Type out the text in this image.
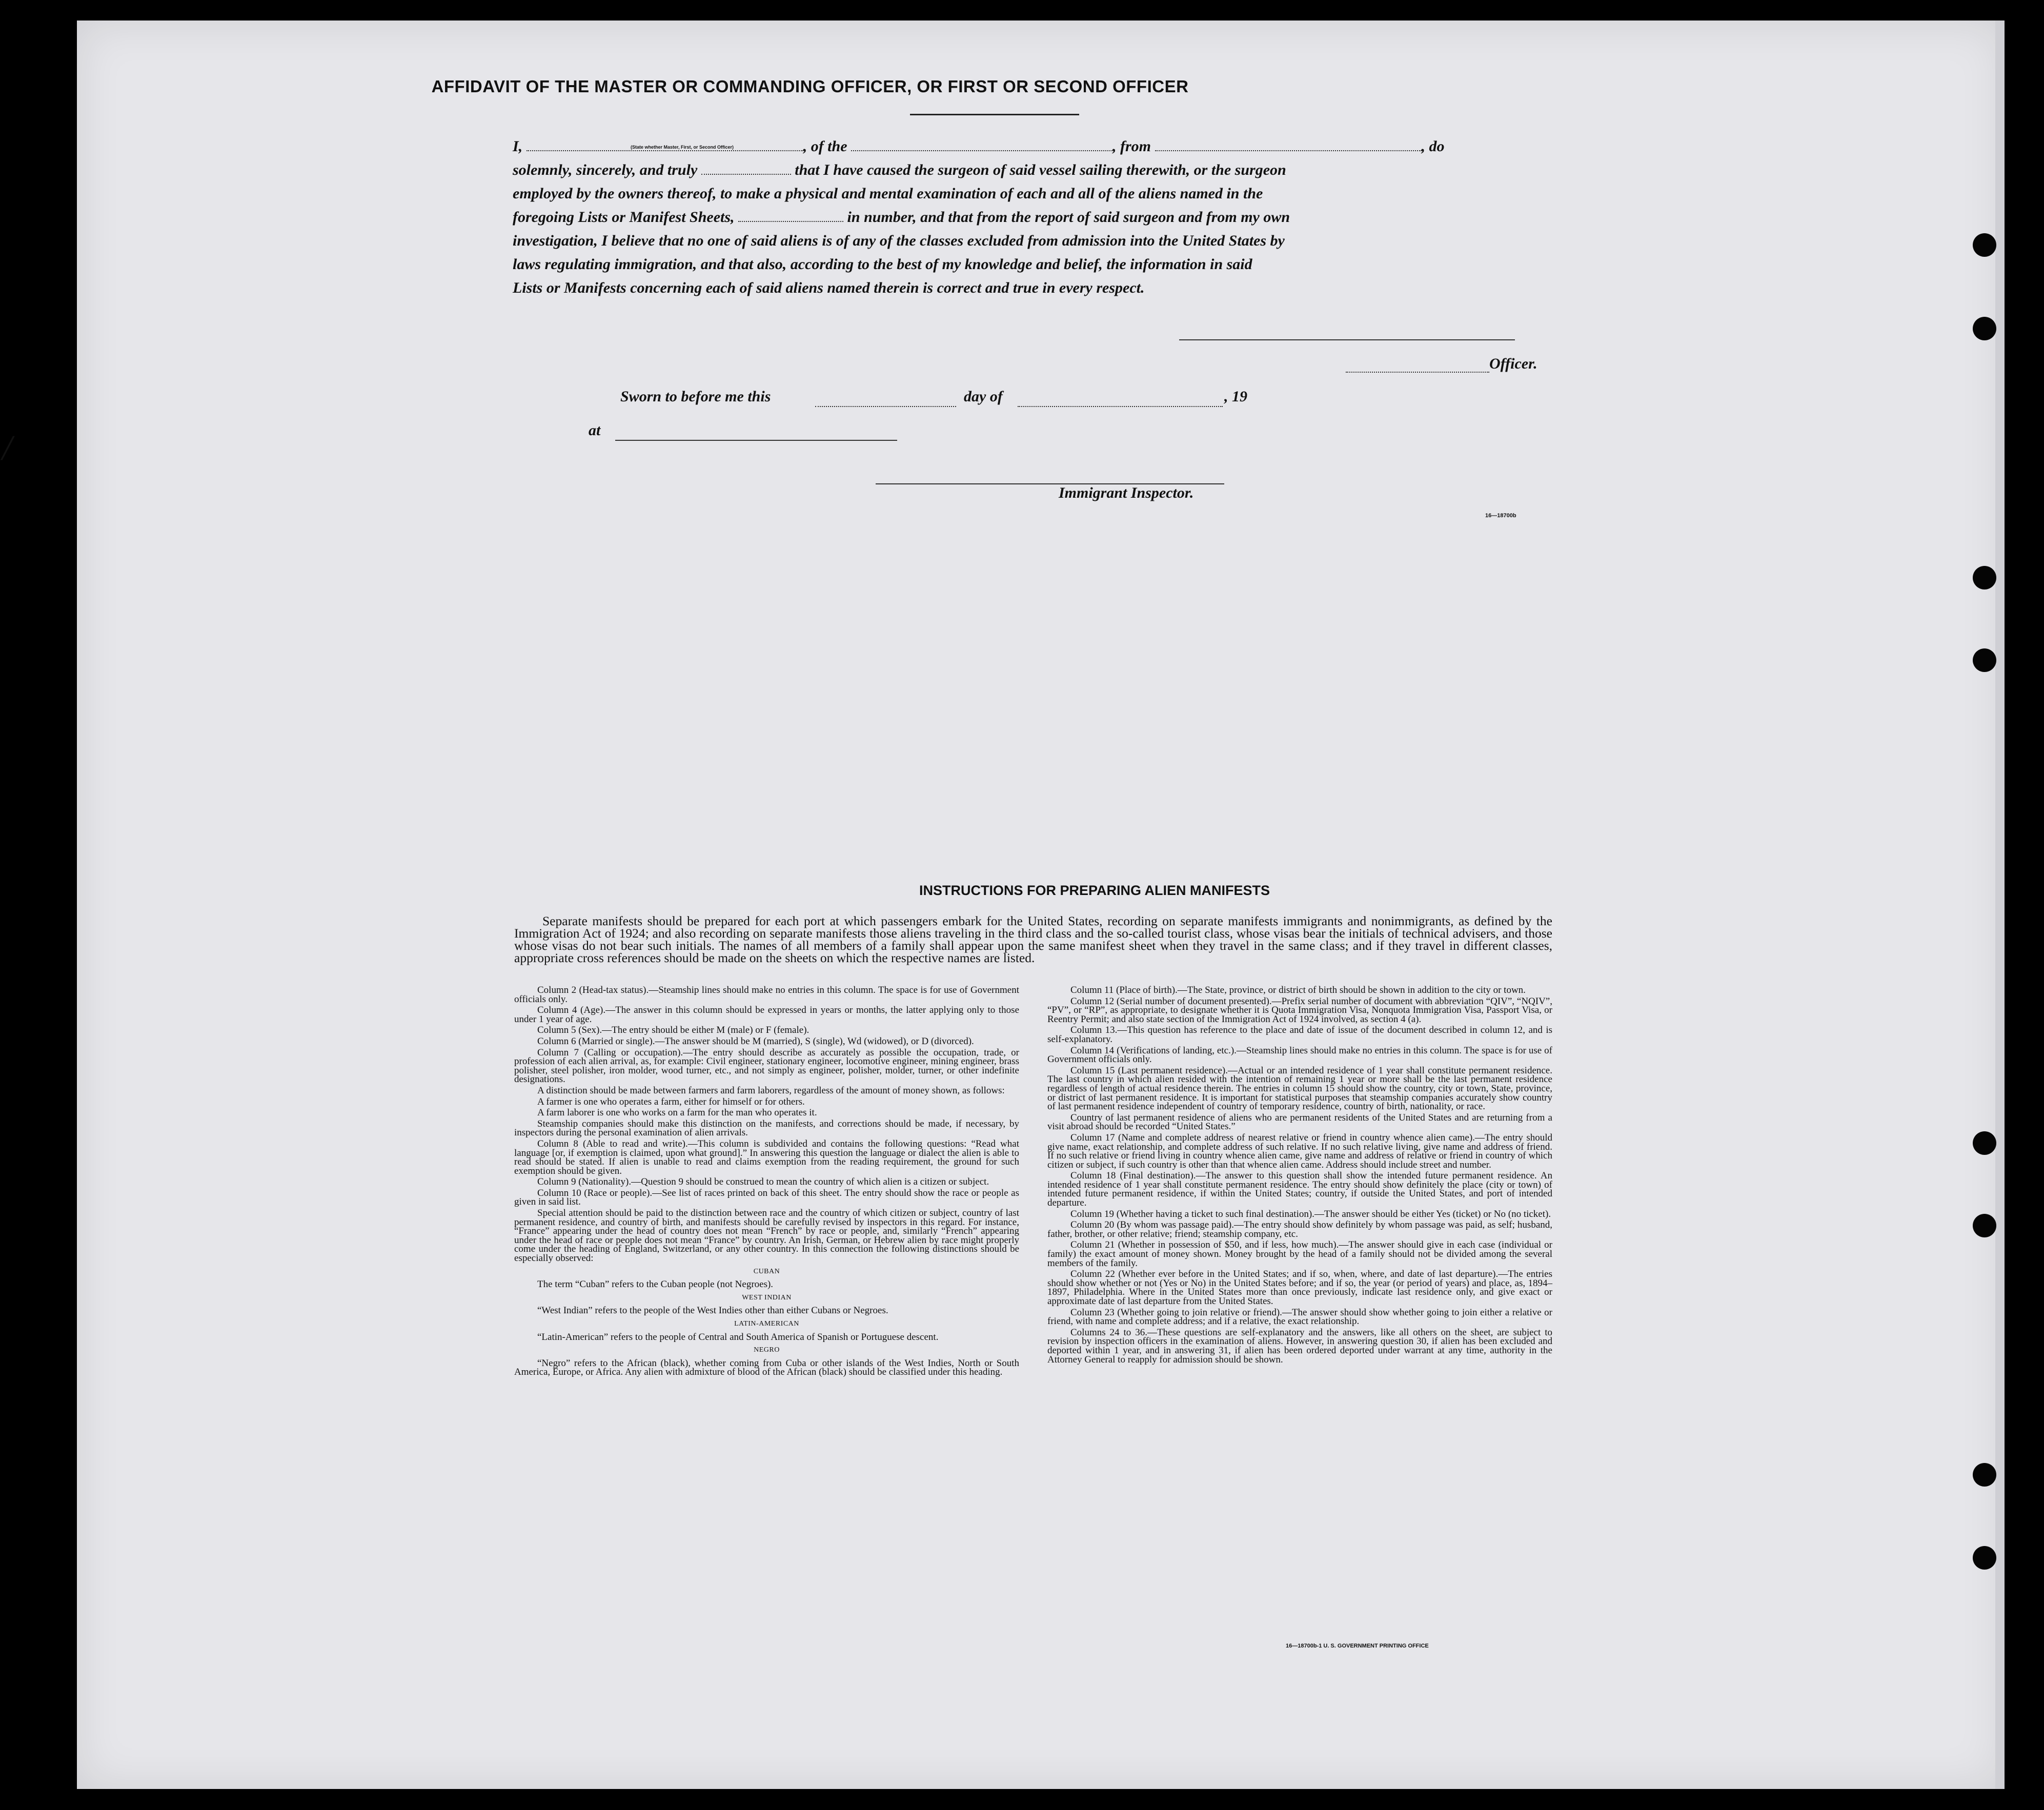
/
AFFIDAVIT OF THE MASTER OR COMMANDING OFFICER, OR FIRST OR SECOND OFFICER
I,	, of the	, from	, do
(State whether Master, First, or Second Officer)
solemnly, sincerely, and truly	that I have caused the surgeon of said vessel sailing therewith, or the surgeon
employed by the owners thereof, to make a physical and mental examination of each and all of the aliens named in the
foregoing Lists or Manifest Sheets,	in number, and that from the report of said surgeon and from my own
investigation, I believe that no one of said aliens is of any of the classes excluded from admission into the United States by
laws regulating immigration, and that also, according to the best of my knowledge and belief, the information in said
Lists or Manifests concerning each of said aliens named therein is correct and true in every respect.
Officer.
Sworn to before me this	day of	, 19
at
Immigrant Inspector.
16—18700b
INSTRUCTIONS FOR PREPARING ALIEN MANIFESTS
Separate manifests should be prepared for each port at which passengers embark for the United States, recording on separate manifests immigrants and nonimmigrants, as defined by the Immigration Act of 1924; and also recording on separate manifests those aliens traveling in the third class and the so-called tourist class, whose visas bear the initials of technical advisers, and those whose visas do not bear such initials. The names of all members of a family shall appear upon the same manifest sheet when they travel in the same class; and if they travel in different classes, appropriate cross references should be made on the sheets on which the respective names are listed.

Column 2 (Head-tax status).—Steamship lines should make no entries in this column. The space is for use of Government officials only.

Column 4 (Age).—The answer in this column should be expressed in years or months, the latter applying only to those under 1 year of age.

Column 5 (Sex).—The entry should be either M (male) or F (female).

Column 6 (Married or single).—The answer should be M (married), S (single), Wd (widowed), or D (divorced).

Column 7 (Calling or occupation).—The entry should describe as accurately as possible the occupation, trade, or profession of each alien arrival, as, for example: Civil engineer, stationary engineer, locomotive engineer, mining engineer, brass polisher, steel polisher, iron molder, wood turner, etc., and not simply as engineer, polisher, molder, turner, or other indefinite designations.

A distinction should be made between farmers and farm laborers, regardless of the amount of money shown, as follows:

A farmer is one who operates a farm, either for himself or for others.

A farm laborer is one who works on a farm for the man who operates it.

Steamship companies should make this distinction on the manifests, and corrections should be made, if necessary, by inspectors during the personal examination of alien arrivals.

Column 8 (Able to read and write).—This column is subdivided and contains the following questions: “Read what language [or, if exemption is claimed, upon what ground].” In answering this question the language or dialect the alien is able to read should be stated. If alien is unable to read and claims exemption from the reading requirement, the ground for such exemption should be given.

Column 9 (Nationality).—Question 9 should be construed to mean the country of which alien is a citizen or subject.

Column 10 (Race or people).—See list of races printed on back of this sheet. The entry should show the race or people as given in said list.

Special attention should be paid to the distinction between race and the country of which citizen or subject, country of last permanent residence, and country of birth, and manifests should be carefully revised by inspectors in this regard. For instance, “France” appearing under the head of country does not mean “French” by race or people, and, similarly “French” appearing under the head of race or people does not mean “France” by country. An Irish, German, or Hebrew alien by race might properly come under the heading of England, Switzerland, or any other country. In this connection the following distinctions should be especially observed:

CUBAN

The term “Cuban” refers to the Cuban people (not Negroes).

WEST INDIAN

“West Indian” refers to the people of the West Indies other than either Cubans or Negroes.

LATIN-AMERICAN

“Latin-American” refers to the people of Central and South America of Spanish or Portuguese descent.

NEGRO

“Negro” refers to the African (black), whether coming from Cuba or other islands of the West Indies, North or South America, Europe, or Africa. Any alien with admixture of blood of the African (black) should be classified under this heading.

Column 11 (Place of birth).—The State, province, or district of birth should be shown in addition to the city or town.

Column 12 (Serial number of document presented).—Prefix serial number of document with abbreviation “QIV”, “NQIV”, “PV”, or “RP”, as appropriate, to designate whether it is Quota Immigration Visa, Nonquota Immigration Visa, Passport Visa, or Reentry Permit; and also state section of the Immigration Act of 1924 involved, as section 4 (a).

Column 13.—This question has reference to the place and date of issue of the document described in column 12, and is self-explanatory.

Column 14 (Verifications of landing, etc.).—Steamship lines should make no entries in this column. The space is for use of Government officials only.

Column 15 (Last permanent residence).—Actual or an intended residence of 1 year shall constitute permanent residence. The last country in which alien resided with the intention of remaining 1 year or more shall be the last permanent residence regardless of length of actual residence therein. The entries in column 15 should show the country, city or town, State, province, or district of last permanent residence. It is important for statistical purposes that steamship companies accurately show country of last permanent residence independent of country of temporary residence, country of birth, nationality, or race.

Country of last permanent residence of aliens who are permanent residents of the United States and are returning from a visit abroad should be recorded “United States.”

Column 17 (Name and complete address of nearest relative or friend in country whence alien came).—The entry should give name, exact relationship, and complete address of such relative. If no such relative living, give name and address of friend. If no such relative or friend living in country whence alien came, give name and address of relative or friend in country of which citizen or subject, if such country is other than that whence alien came. Address should include street and number.

Column 18 (Final destination).—The answer to this question shall show the intended future permanent residence. An intended residence of 1 year shall constitute permanent residence. The entry should show definitely the place (city or town) of intended future permanent residence, if within the United States; country, if outside the United States, and port of intended departure.

Column 19 (Whether having a ticket to such final destination).—The answer should be either Yes (ticket) or No (no ticket).

Column 20 (By whom was passage paid).—The entry should show definitely by whom passage was paid, as self; husband, father, brother, or other relative; friend; steamship company, etc.

Column 21 (Whether in possession of $50, and if less, how much).—The answer should give in each case (individual or family) the exact amount of money shown. Money brought by the head of a family should not be divided among the several members of the family.

Column 22 (Whether ever before in the United States; and if so, when, where, and date of last departure).—The entries should show whether or not (Yes or No) in the United States before; and if so, the year (or period of years) and place, as, 1894–1897, Philadelphia. Where in the United States more than once previously, indicate last residence only, and give exact or approximate date of last departure from the United States.

Column 23 (Whether going to join relative or friend).—The answer should show whether going to join either a relative or friend, with name and complete address; and if a relative, the exact relationship.

Columns 24 to 36.—These questions are self-explanatory and the answers, like all others on the sheet, are subject to revision by inspection officers in the examination of aliens. However, in answering question 30, if alien has been excluded and deported within 1 year, and in answering 31, if alien has been ordered deported under warrant at any time, authority in the Attorney General to reapply for admission should be shown.

16—18700b-1 U. S. GOVERNMENT PRINTING OFFICE
